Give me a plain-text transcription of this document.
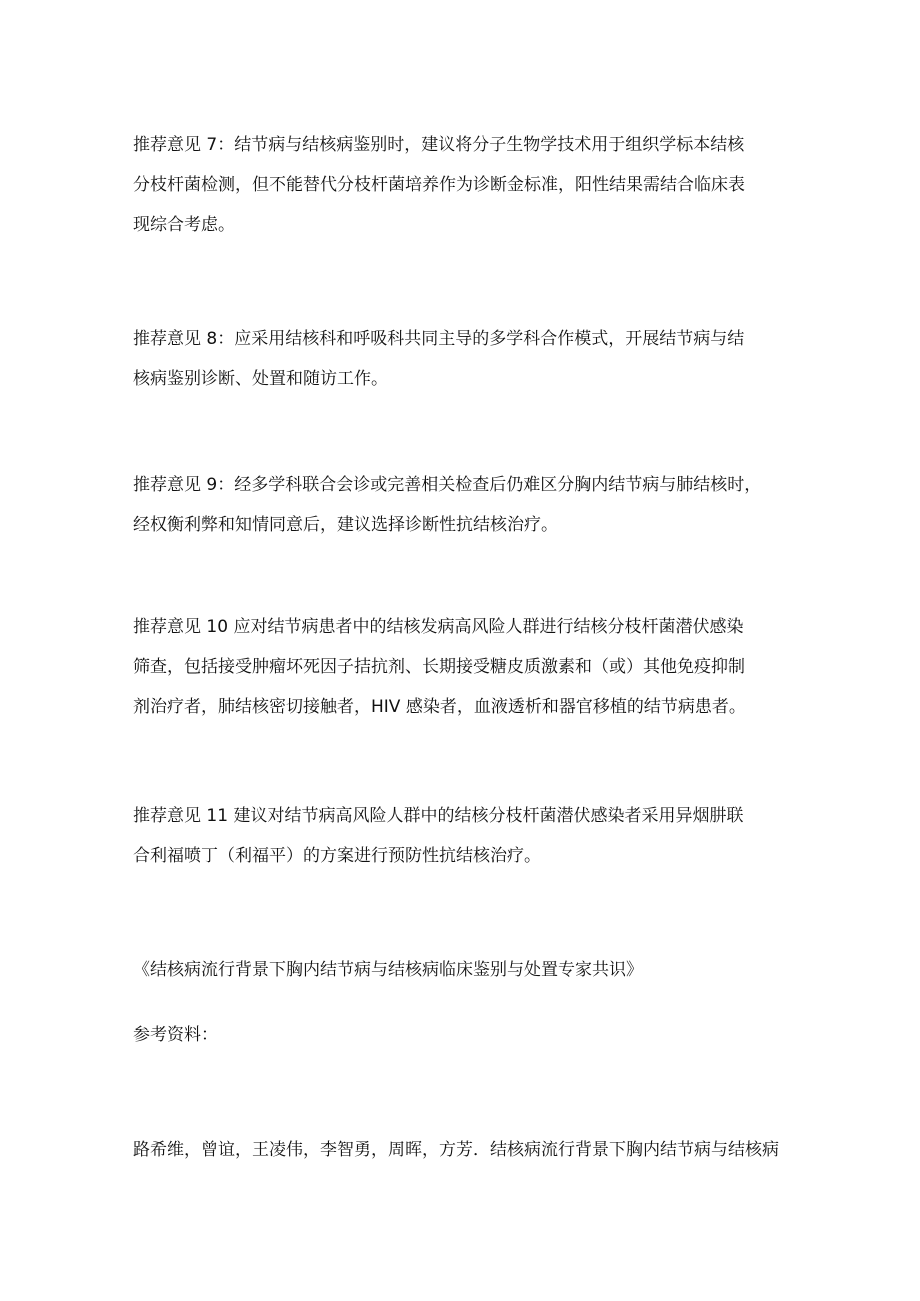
推荐意见 7：结节病与结核病鉴别时，建议将分子生物学技术用于组织学标本结核
分枝杆菌检测，但不能替代分枝杆菌培养作为诊断金标准，阳性结果需结合临床表
现综合考虑。
推荐意见 8：应采用结核科和呼吸科共同主导的多学科合作模式，开展结节病与结
核病鉴别诊断、处置和随访工作。
推荐意见 9：经多学科联合会诊或完善相关检查后仍难区分胸内结节病与肺结核时，
经权衡利弊和知情同意后，建议选择诊断性抗结核治疗。
推荐意见 10 应对结节病患者中的结核发病高风险人群进行结核分枝杆菌潜伏感染
筛查，包括接受肿瘤坏死因子拮抗剂、长期接受糖皮质激素和（或）其他免疫抑制
剂治疗者，肺结核密切接触者，HIV 感染者，血液透析和器官移植的结节病患者。
推荐意见 11 建议对结节病高风险人群中的结核分枝杆菌潜伏感染者采用异烟肼联
合利福喷丁（利福平）的方案进行预防性抗结核治疗。
《结核病流行背景下胸内结节病与结核病临床鉴别与处置专家共识》
参考资料：
路希维，曾谊，王凌伟，李智勇，周晖，方芳．结核病流行背景下胸内结节病与结核病
